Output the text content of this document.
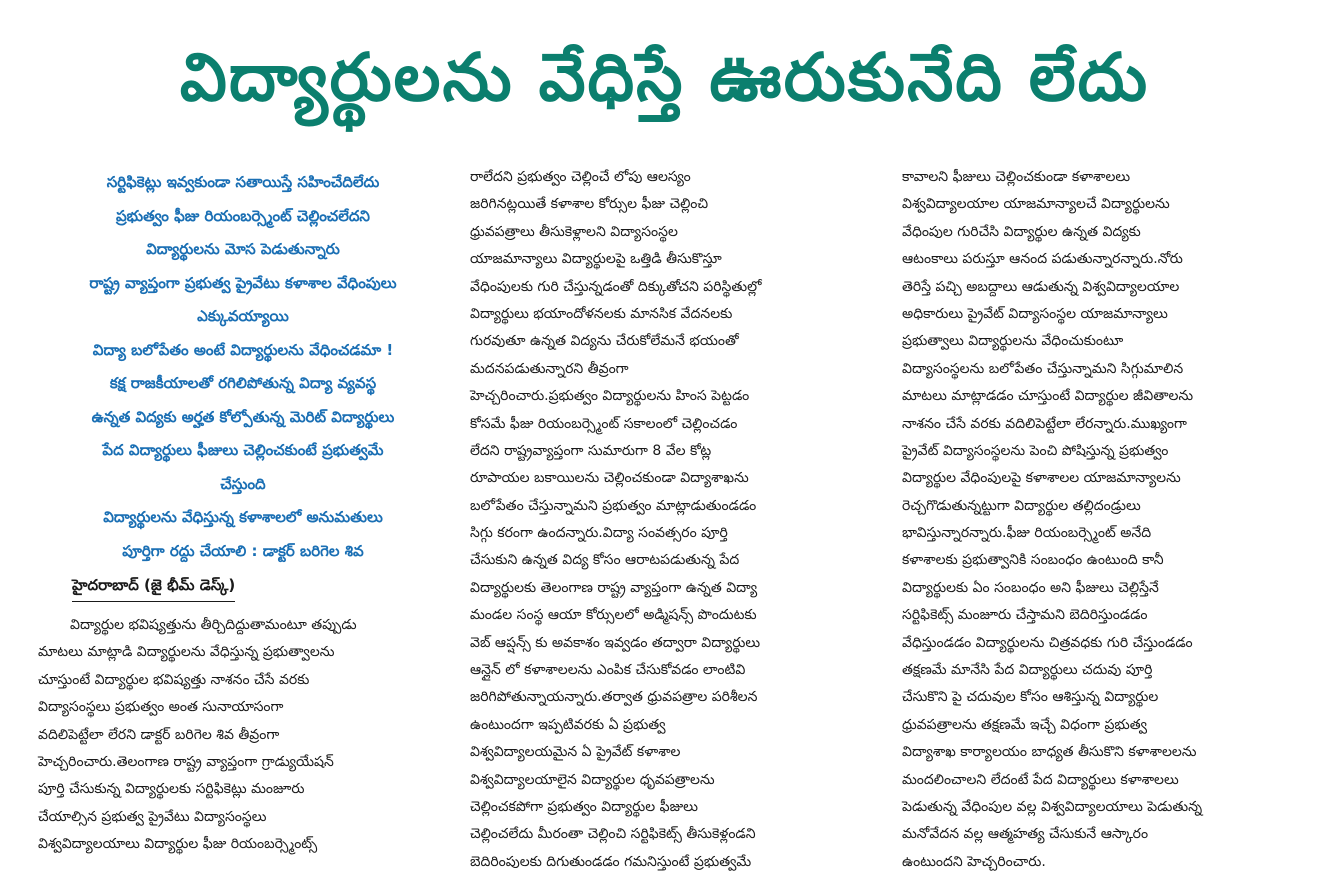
విద్యార్థులను వేధిస్తే ఊరుకునేది లేదు
సర్టిఫికెట్లు ఇవ్వకుండా సతాయిస్తే సహించేదిలేదు
ప్రభుత్వం ఫీజు రియంబర్స్మెంట్ చెల్లించలేదని
విద్యార్థులను మోస పెడుతున్నారు
రాష్ట్ర వ్యాప్తంగా ప్రభుత్వ ప్రైవేటు కళాశాల వేధింపులు
ఎక్కువయ్యాయి
విద్యా బలోపేతం అంటే విద్యార్థులను వేధించడమా !
కక్ష రాజకీయాలతో రగిలిపోతున్న విద్యా వ్యవస్థ
ఉన్నత విద్యకు అర్హత కోల్పోతున్న మెరిట్ విద్యార్థులు
పేద విద్యార్థులు ఫీజులు చెల్లించకుంటే ప్రభుత్వమే
చేస్తుంది
విద్యార్థులను వేధిస్తున్న కళాశాలలో అనుమతులు
పూర్తిగా రద్దు చేయాలి : డాక్టర్ బరిగెల శివ
హైదరాబాద్ (జై భీమ్ డెస్క్)
విద్యార్థుల భవిష్యత్తును తీర్చిదిద్దుతామంటూ తప్పుడు
మాటలు మాట్లాడి విద్యార్థులను వేధిస్తున్న ప్రభుత్వాలను
చూస్తుంటే విద్యార్థుల భవిష్యత్తు నాశనం చేసే వరకు
విద్యాసంస్థలు ప్రభుత్వం అంత సునాయాసంగా
వదిలిపెట్టేలా లేరని డాక్టర్ బరిగెల శివ తీవ్రంగా
హెచ్చరించారు.తెలంగాణ రాష్ట్ర వ్యాప్తంగా గ్రాడ్యుయేషన్
పూర్తి చేసుకున్న విద్యార్థులకు సర్టిఫికెట్లు మంజూరు
చేయాల్సిన ప్రభుత్వ ప్రైవేటు విద్యాసంస్థలు
విశ్వవిద్యాలయాలు విద్యార్థుల ఫీజు రియంబర్స్మెంట్స్
రాలేదని ప్రభుత్వం చెల్లించే లోపు ఆలస్యం
జరిగినట్లయితే కళాశాల కోర్సుల ఫీజు చెల్లించి
ధ్రువపత్రాలు తీసుకెళ్లాలని విద్యాసంస్థల
యాజమాన్యాలు విద్యార్థులపై ఒత్తిడి తీసుకొస్తూ
వేధింపులకు గురి చేస్తున్నడంతో దిక్కుతోచని పరిస్థితుల్లో
విద్యార్థులు భయాందోళనలకు మానసిక వేదనలకు
గురవుతూ ఉన్నత విద్యను చేరుకోలేమనే భయంతో
మదనపడుతున్నారని తీవ్రంగా
హెచ్చరించారు.ప్రభుత్వం విద్యార్థులను హింస పెట్టడం
కోసమే ఫీజు రియంబర్స్మెంట్ సకాలంలో చెల్లించడం
లేదని రాష్ట్రవ్యాప్తంగా సుమారుగా 8 వేల కోట్ల
రూపాయల బకాయిలను చెల్లించకుండా విద్యాశాఖను
బలోపేతం చేస్తున్నామని ప్రభుత్వం మాట్లాడుతుండడం
సిగ్గు కరంగా ఉందన్నారు.విద్యా సంవత్సరం పూర్తి
చేసుకుని ఉన్నత విద్య కోసం ఆరాటపడుతున్న పేద
విద్యార్థులకు తెలంగాణ రాష్ట్ర వ్యాప్తంగా ఉన్నత విద్యా
మండల సంస్థ ఆయా కోర్సులలో అడ్మిషన్స్ పొందుటకు
వెబ్ ఆప్షన్స్ కు అవకాశం ఇవ్వడం తద్వారా విద్యార్థులు
ఆన్లైన్ లో కళాశాలలను ఎంపిక చేసుకోవడం లాంటివి
జరిగిపోతున్నాయన్నారు.తర్వాత ధ్రువపత్రాల పరిశీలన
ఉంటుందగా ఇప్పటివరకు ఏ ప్రభుత్వ
విశ్వవిద్యాలయమైన ఏ ప్రైవేట్ కళాశాల
విశ్వవిద్యాలయాలైన విద్యార్థుల ధృవపత్రాలను
చెల్లించకపోగా ప్రభుత్వం విద్యార్థుల ఫీజులు
చెల్లించలేదు మీరంతా చెల్లించి సర్టిఫికెట్స్ తీసుకెళ్లండని
బెదిరింపులకు దిగుతుండడం గమనిస్తుంటే ప్రభుత్వమే
కావాలని ఫీజులు చెల్లించకుండా కళాశాలలు
విశ్వవిద్యాలయాల యాజమాన్యాలచే విద్యార్థులను
వేధింపుల గురిచేసి విద్యార్థుల ఉన్నత విద్యకు
ఆటంకాలు పరుస్తూ ఆనంద పడుతున్నారన్నారు.నోరు
తెరిస్తే పచ్చి అబద్దాలు ఆడుతున్న విశ్వవిద్యాలయాల
అధికారులు ప్రైవేట్ విద్యాసంస్థల యాజమాన్యాలు
ప్రభుత్వాలు విద్యార్థులను వేధించుకుంటూ
విద్యాసంస్థలను బలోపేతం చేస్తున్నామని సిగ్గుమాలిన
మాటలు మాట్లాడడం చూస్తుంటే విద్యార్థుల జీవితాలను
నాశనం చేసే వరకు వదిలిపెట్టేలా లేరన్నారు.ముఖ్యంగా
ప్రైవేట్ విద్యాసంస్థలను పెంచి పోషిస్తున్న ప్రభుత్వం
విద్యార్థుల వేధింపులపై కళాశాలల యాజమాన్యాలను
రెచ్చగొడుతున్నట్టుగా విద్యార్థుల తల్లిదండ్రులు
భావిస్తున్నారన్నారు.ఫీజు రియంబర్స్మెంట్ అనేది
కళాశాలకు ప్రభుత్వానికి సంబంధం ఉంటుంది కానీ
విద్యార్థులకు ఏం సంబంధం అని ఫీజులు చెల్లిస్తేనే
సర్టిఫికెట్స్ మంజూరు చేస్తామని బెదిరిస్తుండడం
వేధిస్తుండడం విద్యార్థులను చిత్రవధకు గురి చేస్తుండడం
తక్షణమే మానేసి పేద విద్యార్థులు చదువు పూర్తి
చేసుకొని పై చదువుల కోసం ఆశిస్తున్న విద్యార్థుల
ధ్రువపత్రాలను తక్షణమే ఇచ్చే విధంగా ప్రభుత్వ
విద్యాశాఖ కార్యాలయం బాధ్యత తీసుకొని కళాశాలలను
మందలించాలని లేదంటే పేద విద్యార్థులు కళాశాలలు
పెడుతున్న వేధింపుల వల్ల విశ్వవిద్యాలయాలు పెడుతున్న
మనోవేదన వల్ల ఆత్మహత్య చేసుకునే ఆస్కారం
ఉంటుందని హెచ్చరించారు.
